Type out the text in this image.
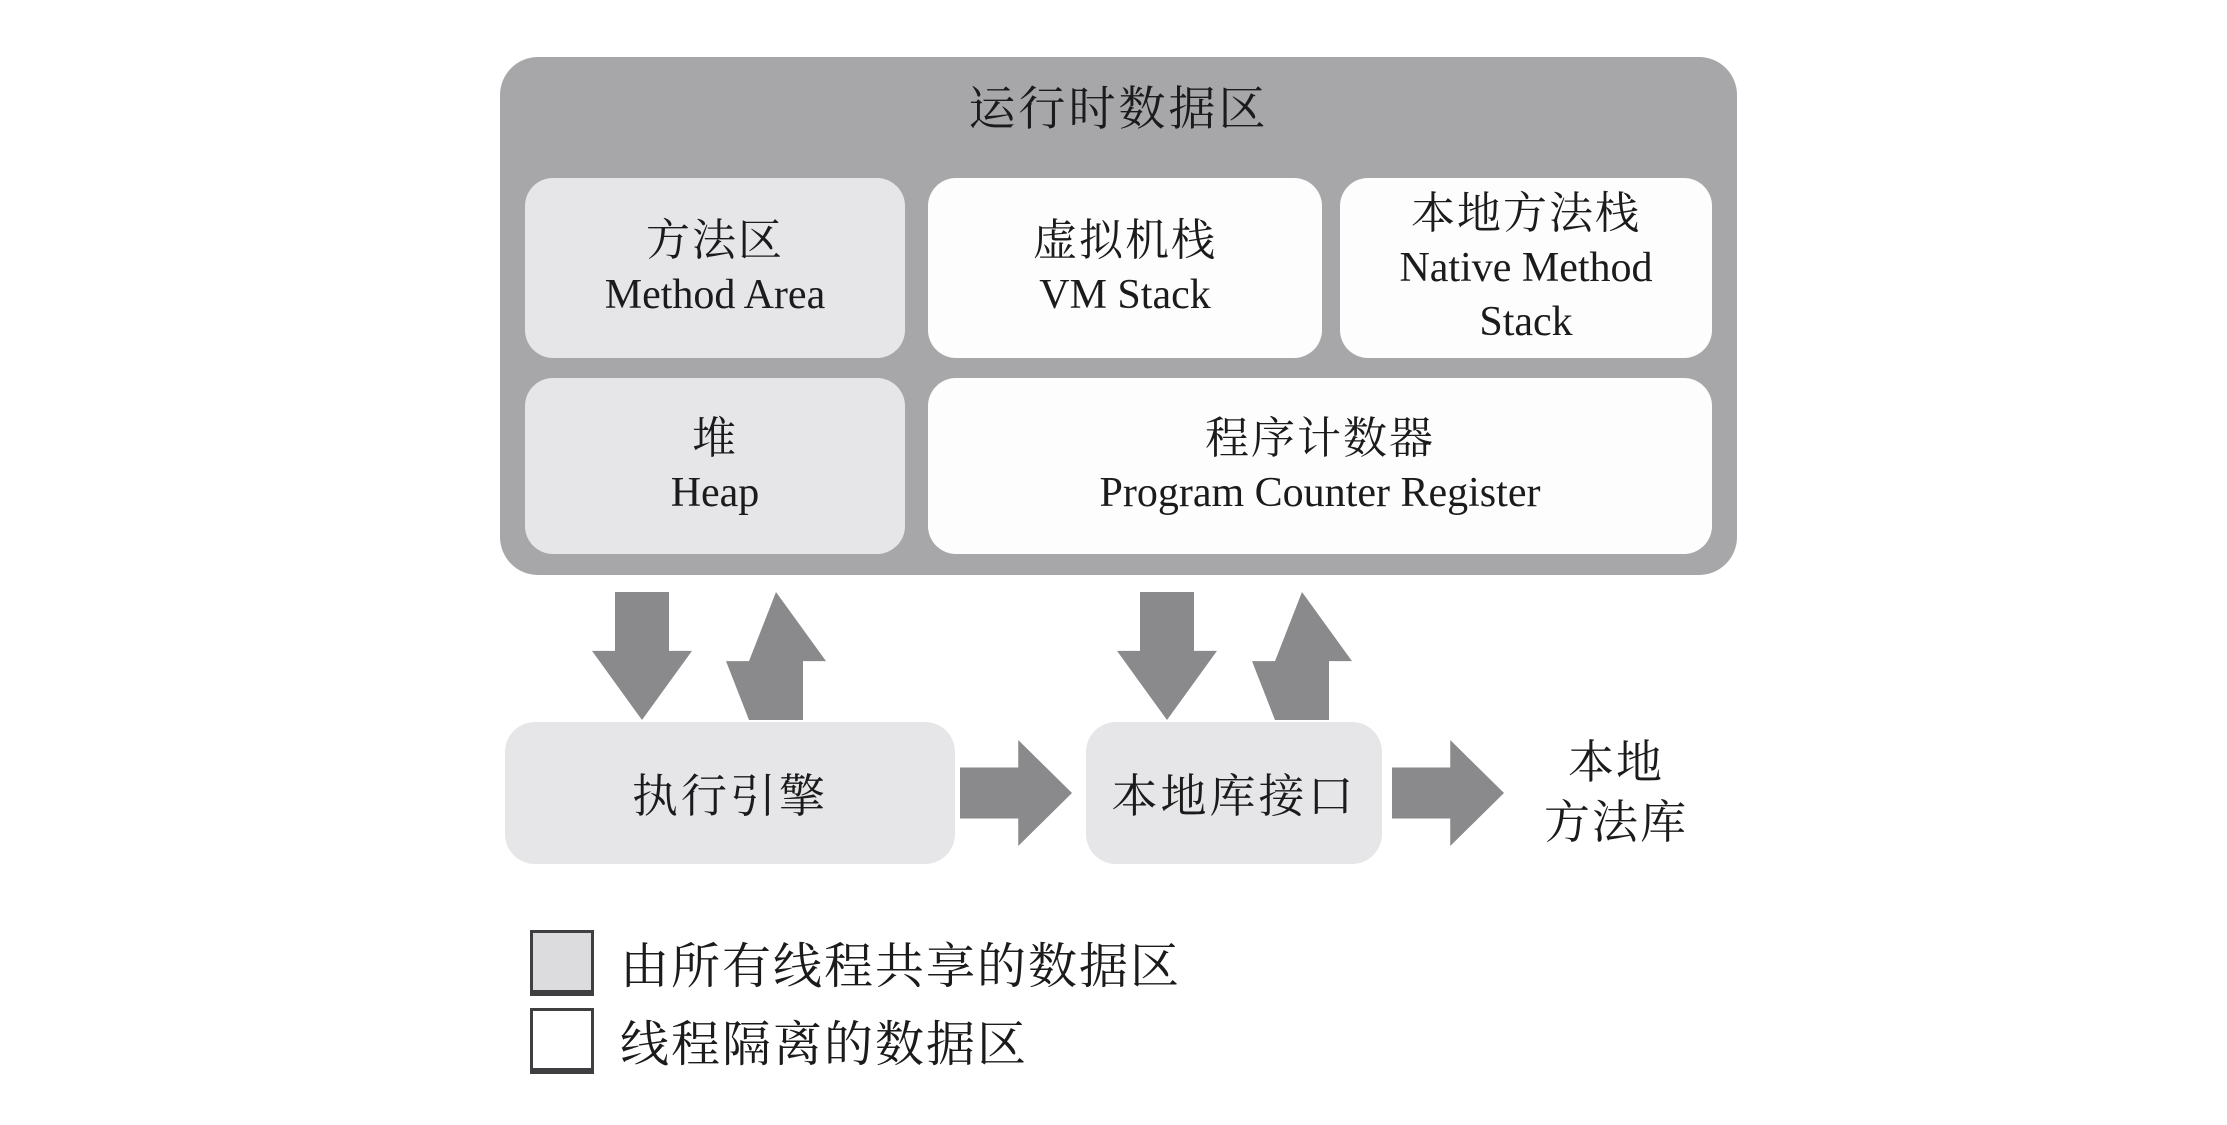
运行时数据区
方法区
Method Area
虚拟机栈
VM Stack
本地方法栈
Native Method Stack
堆
Heap
程序计数器
Program Counter Register
执行引擎	本地库接口
本地
方法库
由所有线程共享的数据区
线程隔离的数据区
